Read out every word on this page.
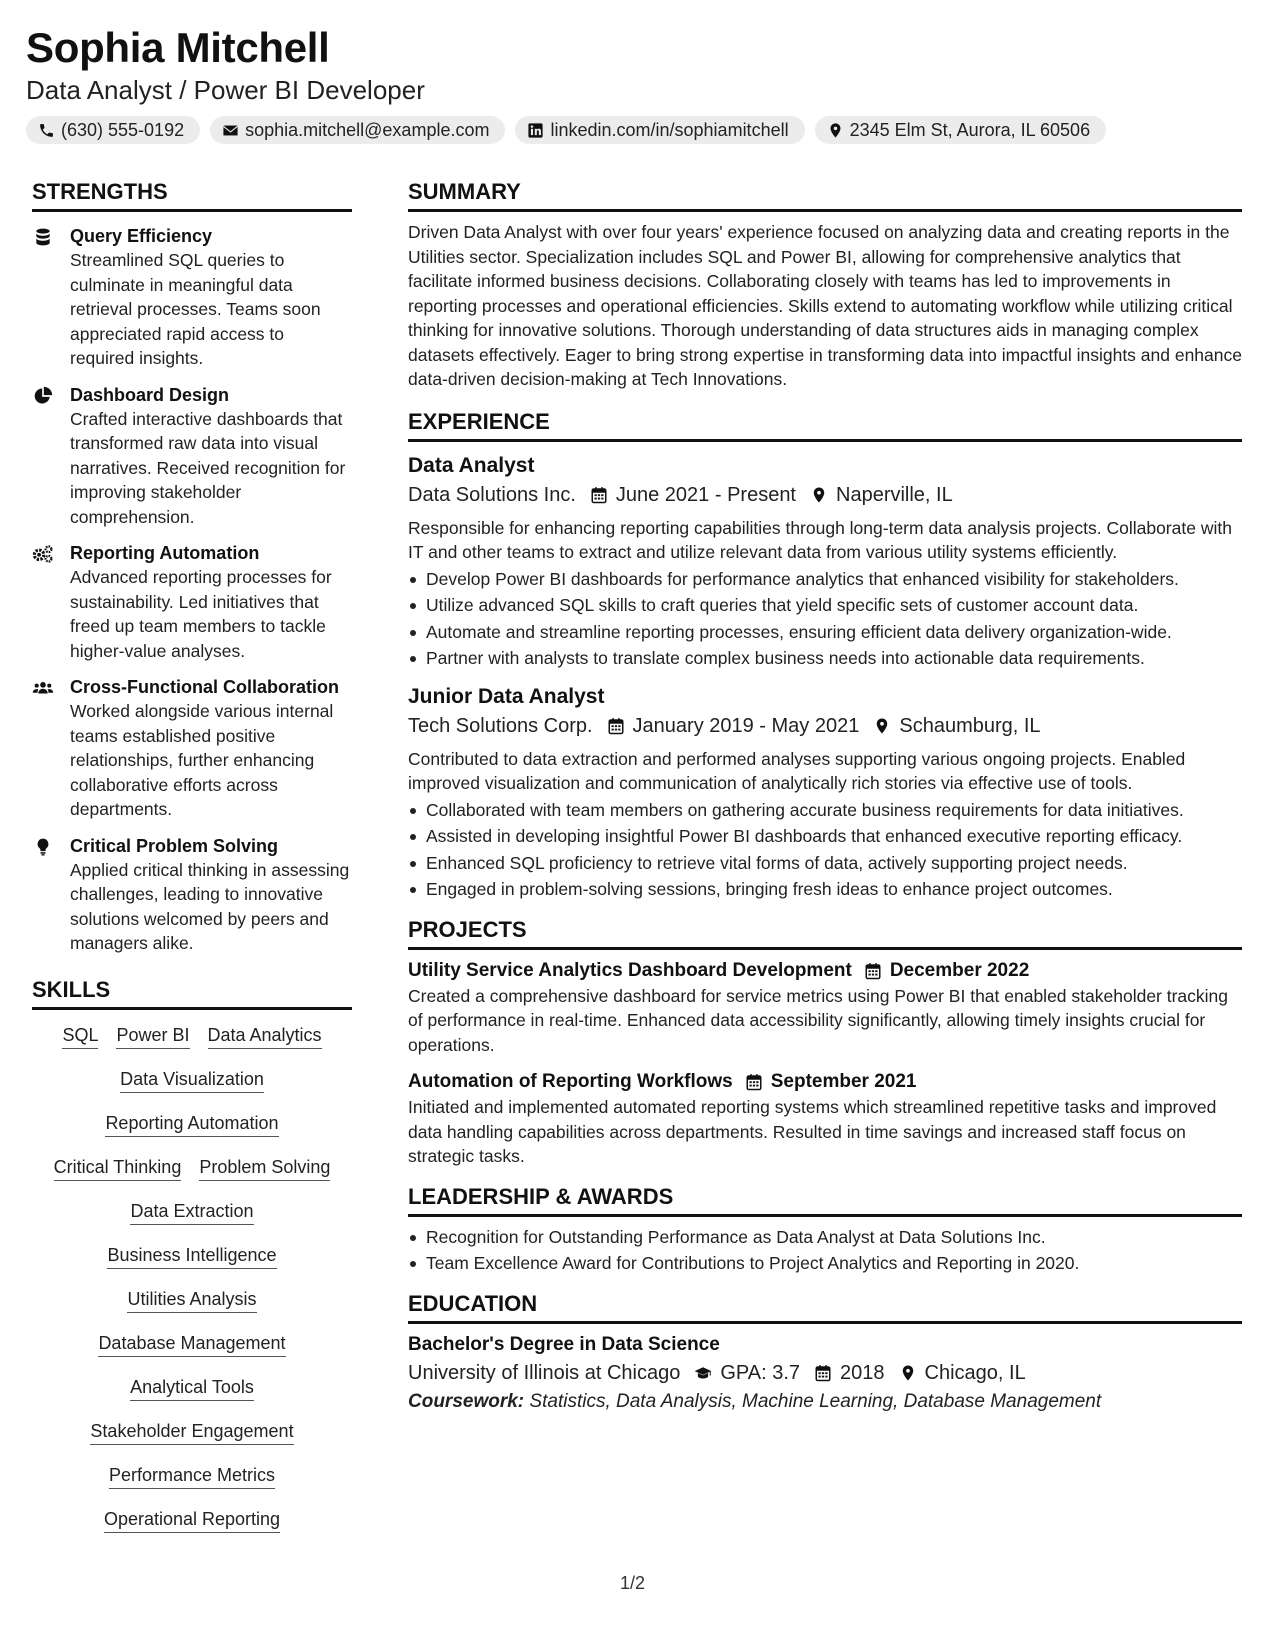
Sophia Mitchell
Data Analyst / Power BI Developer
(630) 555-0192	sophia.mitchell@example.com	linkedin.com/in/sophiamitchell	2345 Elm St, Aurora, IL 60506
STRENGTHS
Query Efficiency
Streamlined SQL queries to culminate in meaningful data retrieval processes. Teams soon appreciated rapid access to required insights.
Dashboard Design
Crafted interactive dashboards that transformed raw data into visual narratives. Received recognition for improving stakeholder comprehension.
Reporting Automation
Advanced reporting processes for sustainability. Led initiatives that freed up team members to tackle higher-value analyses.
Cross-Functional Collaboration
Worked alongside various internal teams established positive relationships, further enhancing collaborative efforts across departments.
Critical Problem Solving
Applied critical thinking in assessing challenges, leading to innovative solutions welcomed by peers and managers alike.
SKILLS
SQL Power BI Data Analytics
Data Visualization
Reporting Automation
Critical Thinking Problem Solving
Data Extraction
Business Intelligence
Utilities Analysis
Database Management
Analytical Tools
Stakeholder Engagement
Performance Metrics
Operational Reporting
SUMMARY
Driven Data Analyst with over four years' experience focused on analyzing data and creating reports in the Utilities sector. Specialization includes SQL and Power BI, allowing for comprehensive analytics that facilitate informed business decisions. Collaborating closely with teams has led to improvements in reporting processes and operational efficiencies. Skills extend to automating workflow while utilizing critical thinking for innovative solutions. Thorough understanding of data structures aids in managing complex datasets effectively. Eager to bring strong expertise in transforming data into impactful insights and enhance data-driven decision-making at Tech Innovations.
EXPERIENCE
Data Analyst
Data Solutions Inc. June 2021 - Present Naperville, IL
Responsible for enhancing reporting capabilities through long-term data analysis projects. Collaborate with IT and other teams to extract and utilize relevant data from various utility systems efficiently.
Develop Power BI dashboards for performance analytics that enhanced visibility for stakeholders.
Utilize advanced SQL skills to craft queries that yield specific sets of customer account data.
Automate and streamline reporting processes, ensuring efficient data delivery organization-wide.
Partner with analysts to translate complex business needs into actionable data requirements.
Junior Data Analyst
Tech Solutions Corp. January 2019 - May 2021 Schaumburg, IL
Contributed to data extraction and performed analyses supporting various ongoing projects. Enabled improved visualization and communication of analytically rich stories via effective use of tools.
Collaborated with team members on gathering accurate business requirements for data initiatives.
Assisted in developing insightful Power BI dashboards that enhanced executive reporting efficacy.
Enhanced SQL proficiency to retrieve vital forms of data, actively supporting project needs.
Engaged in problem-solving sessions, bringing fresh ideas to enhance project outcomes.
PROJECTS
Utility Service Analytics Dashboard Development December 2022
Created a comprehensive dashboard for service metrics using Power BI that enabled stakeholder tracking of performance in real-time. Enhanced data accessibility significantly, allowing timely insights crucial for operations.
Automation of Reporting Workflows September 2021
Initiated and implemented automated reporting systems which streamlined repetitive tasks and improved data handling capabilities across departments. Resulted in time savings and increased staff focus on strategic tasks.
LEADERSHIP & AWARDS
Recognition for Outstanding Performance as Data Analyst at Data Solutions Inc.
Team Excellence Award for Contributions to Project Analytics and Reporting in 2020.
EDUCATION
Bachelor's Degree in Data Science
University of Illinois at Chicago GPA: 3.7 2018 Chicago, IL
Coursework: Statistics, Data Analysis, Machine Learning, Database Management
1/2
